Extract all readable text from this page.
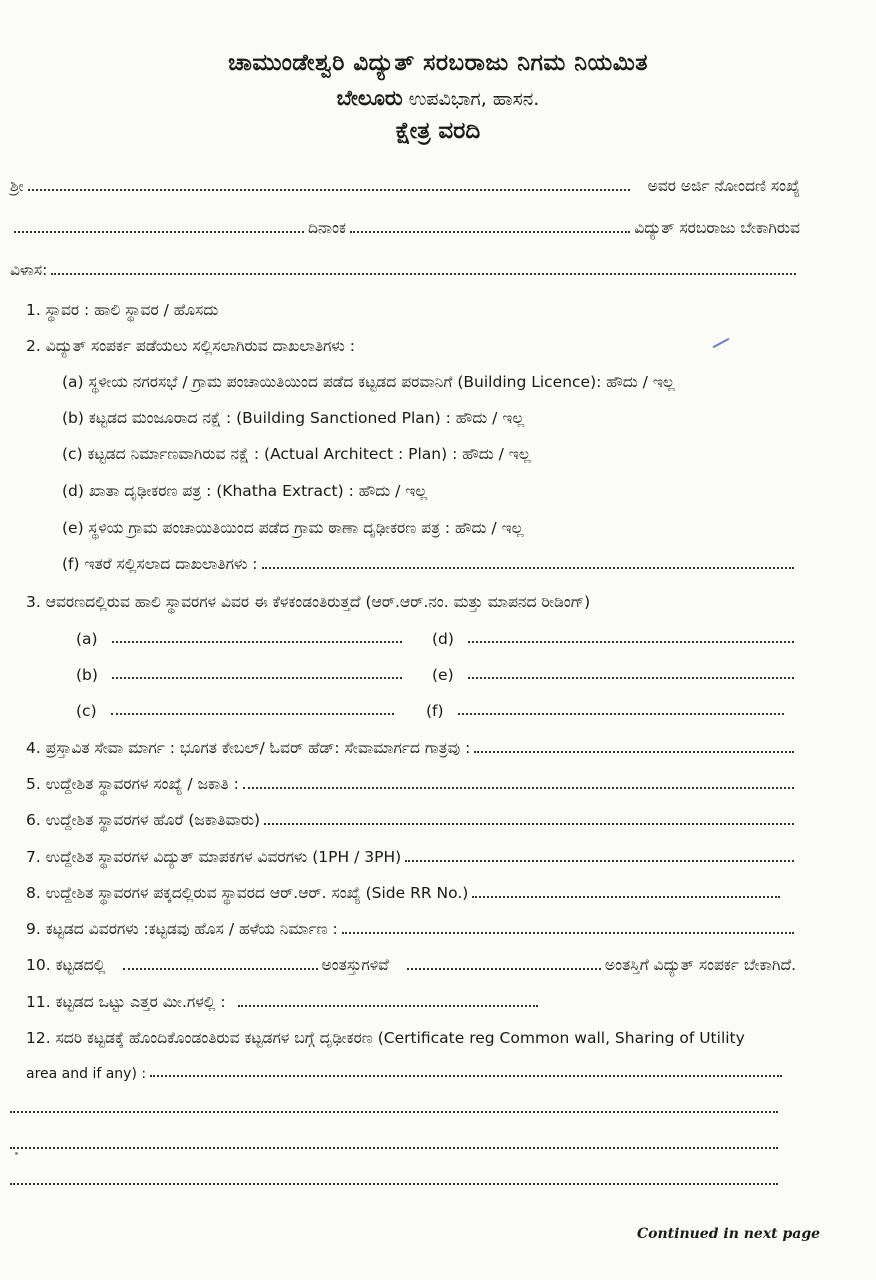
ಚಾಮುಂಡೇಶ್ವರಿ ವಿದ್ಯುತ್ ಸರಬರಾಜು ನಿಗಮ ನಿಯಮಿತ
ಬೇಲೂರು ಉಪವಿಭಾಗ, ಹಾಸನ.
ಕ್ಷೇತ್ರ ವರದಿ
ಶ್ರೀ	ಅವರ ಅರ್ಜಿ ನೋಂದಣಿ ಸಂಖ್ಯೆ
ದಿನಾಂಕ	ವಿದ್ಯುತ್ ಸರಬರಾಜು ಬೇಕಾಗಿರುವ
ವಿಳಾಸ:
1. ಸ್ಥಾವರ : ಹಾಲಿ ಸ್ಥಾವರ / ಹೊಸದು
2. ವಿದ್ಯುತ್ ಸಂಪರ್ಕ ಪಡೆಯಲು ಸಲ್ಲಿಸಲಾಗಿರುವ ದಾಖಲಾತಿಗಳು :
(a) ಸ್ಥಳೀಯ ನಗರಸಭೆ / ಗ್ರಾಮ ಪಂಚಾಯಿತಿಯಿಂದ ಪಡೆದ ಕಟ್ಟಡದ ಪರವಾನಿಗೆ (Building Licence): ಹೌದು / ಇಲ್ಲ
(b) ಕಟ್ಟಡದ ಮಂಜೂರಾದ ನಕ್ಷೆ : (Building Sanctioned Plan) : ಹೌದು / ಇಲ್ಲ
(c) ಕಟ್ಟಡದ ನಿರ್ಮಾಣವಾಗಿರುವ ನಕ್ಷೆ : (Actual Architect : Plan) : ಹೌದು / ಇಲ್ಲ
(d) ಖಾತಾ ದೃಢೀಕರಣ ಪತ್ರ : (Khatha Extract) : ಹೌದು / ಇಲ್ಲ
(e) ಸ್ಥಳಿಯ ಗ್ರಾಮ ಪಂಚಾಯಿತಿಯಿಂದ ಪಡೆದ ಗ್ರಾಮ ಠಾಣಾ ದೃಢೀಕರಣ ಪತ್ರ : ಹೌದು / ಇಲ್ಲ
(f) ಇತರೆ ಸಲ್ಲಿಸಲಾದ ದಾಖಲಾತಿಗಳು :
3. ಆವರಣದಲ್ಲಿರುವ ಹಾಲಿ ಸ್ಥಾವರಗಳ ವಿವರ ಈ ಕೆಳಕಂಡಂತಿರುತ್ತದೆ (ಆರ್.ಆರ್.ನಂ. ಮತ್ತು ಮಾಪನದ ರೀಡಿಂಗ್)
(a)	(d)
(b)	(e)
(c)	(f)
4. ಪ್ರಸ್ತಾವಿತ ಸೇವಾ ಮಾರ್ಗ : ಭೂಗತ ಕೇಬಲ್/ ಓವರ್ ಹೆಡ್: ಸೇವಾಮಾರ್ಗದ ಗಾತ್ರವು :
5. ಉದ್ದೇಶಿತ ಸ್ಥಾವರಗಳ ಸಂಖ್ಯೆ / ಜಕಾತಿ :
6. ಉದ್ದೇಶಿತ ಸ್ಥಾವರಗಳ ಹೊರೆ (ಜಕಾತಿವಾರು)
7. ಉದ್ದೇಶಿತ ಸ್ಥಾವರಗಳ ವಿದ್ಯುತ್ ಮಾಪಕಗಳ ವಿವರಗಳು (1PH / 3PH)
8. ಉದ್ದೇಶಿತ ಸ್ಥಾವರಗಳ ಪಕ್ಕದಲ್ಲಿರುವ ಸ್ಥಾವರದ ಆರ್.ಆರ್. ಸಂಖ್ಯೆ (Side RR No.)
9. ಕಟ್ಟಡದ ವಿವರಗಳು :ಕಟ್ಟಡವು ಹೊಸ / ಹಳೆಯ ನಿರ್ಮಾಣ :
10. ಕಟ್ಟಡದಲ್ಲಿ	ಅಂತಸ್ತುಗಳಿವೆ	ಅಂತಸ್ತಿಗೆ ವಿದ್ಯುತ್ ಸಂಪರ್ಕ ಬೇಕಾಗಿದೆ.
11. ಕಟ್ಟಡದ ಒಟ್ಟು ಎತ್ತರ ಮೀ.ಗಳಲ್ಲಿ :
12. ಸದರಿ ಕಟ್ಟಡಕ್ಕೆ ಹೊಂದಿಕೊಂಡಂತಿರುವ ಕಟ್ಟಡಗಳ ಬಗ್ಗೆ ದೃಢೀಕರಣ (Certificate reg Common wall, Sharing of Utility
area and if any) :
Continued in next page
